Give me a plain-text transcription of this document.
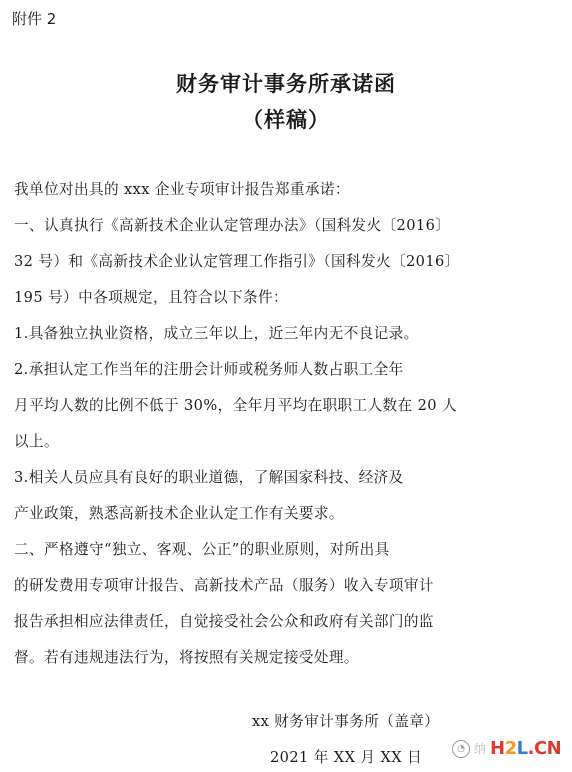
附件 2
财务审计事务所承诺函
（样稿）
我单位对出具的 xxx 企业专项审计报告郑重承诺：
一、认真执行《高新技术企业认定管理办法》（国科发火〔2016〕
32 号）和《高新技术企业认定管理工作指引》（国科发火〔2016〕
195 号）中各项规定，且符合以下条件：
1.具备独立执业资格，成立三年以上，近三年内无不良记录。
2.承担认定工作当年的注册会计师或税务师人数占职工全年
月平均人数的比例不低于 30%，全年月平均在职职工人数在 20 人
以上。
3.相关人员应具有良好的职业道德，了解国家科技、经济及
产业政策，熟悉高新技术企业认定工作有关要求。
二、严格遵守“独立、客观、公正”的职业原则，对所出具
的研发费用专项审计报告、高新技术产品（服务）收入专项审计
报告承担相应法律责任，自觉接受社会公众和政府有关部门的监
督。若有违规违法行为，将按照有关规定接受处理。
xx 财务审计事务所（盖章）
2021 年 XX 月 XX 日
◔ 纳 H2L.CN
